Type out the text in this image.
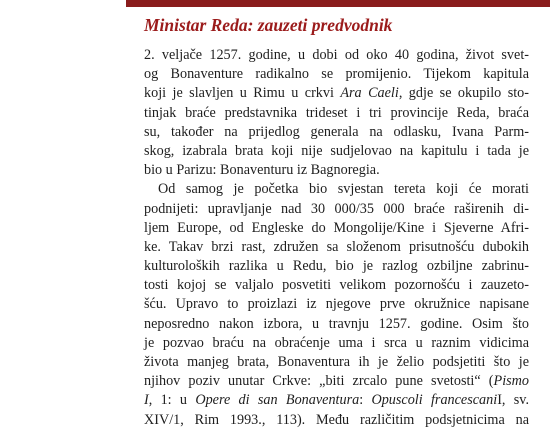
Ministar Reda: zauzeti predvodnik
2. veljače 1257. godine, u dobi od oko 40 godina, život svet-
og Bonaventure radikalno se promijenio. Tijekom kapitula
koji je slavljen u Rimu u crkvi Ara Caeli, gdje se okupilo sto-
tinjak braće predstavnika trideset i tri provincije Reda, braća
su, također na prijedlog generala na odlasku, Ivana Parm-
skog, izabrala brata koji nije sudjelovao na kapitulu i tada je
bio u Parizu: Bonaventuru iz Bagnoregia.
Od samog je početka bio svjestan tereta koji će morati
podnijeti: upravljanje nad 30 000/35 000 braće raširenih di-
ljem Europe, od Engleske do Mongolije/Kine i Sjeverne Afri-
ke. Takav brzi rast, združen sa složenom prisutnošću dubokih
kulturoloških razlika u Redu, bio je razlog ozbiljne zabrinu-
tosti kojoj se valjalo posvetiti velikom pozornošću i zauzeto-
šću. Upravo to proizlazi iz njegove prve okružnice napisane
neposredno nakon izbora, u travnju 1257. godine. Osim što
je pozvao braću na obraćenje uma i srca u raznim vidicima
života manjeg brata, Bonaventura ih je želio podsjetiti što je
njihov poziv unutar Crkve: „biti zrcalo pune svetosti“ (Pismo
I, 1: u Opere di san Bonaventura: Opuscoli francescaniI, sv.
XIV/1, Rim 1993., 113). Među različitim podsjetnicima na
